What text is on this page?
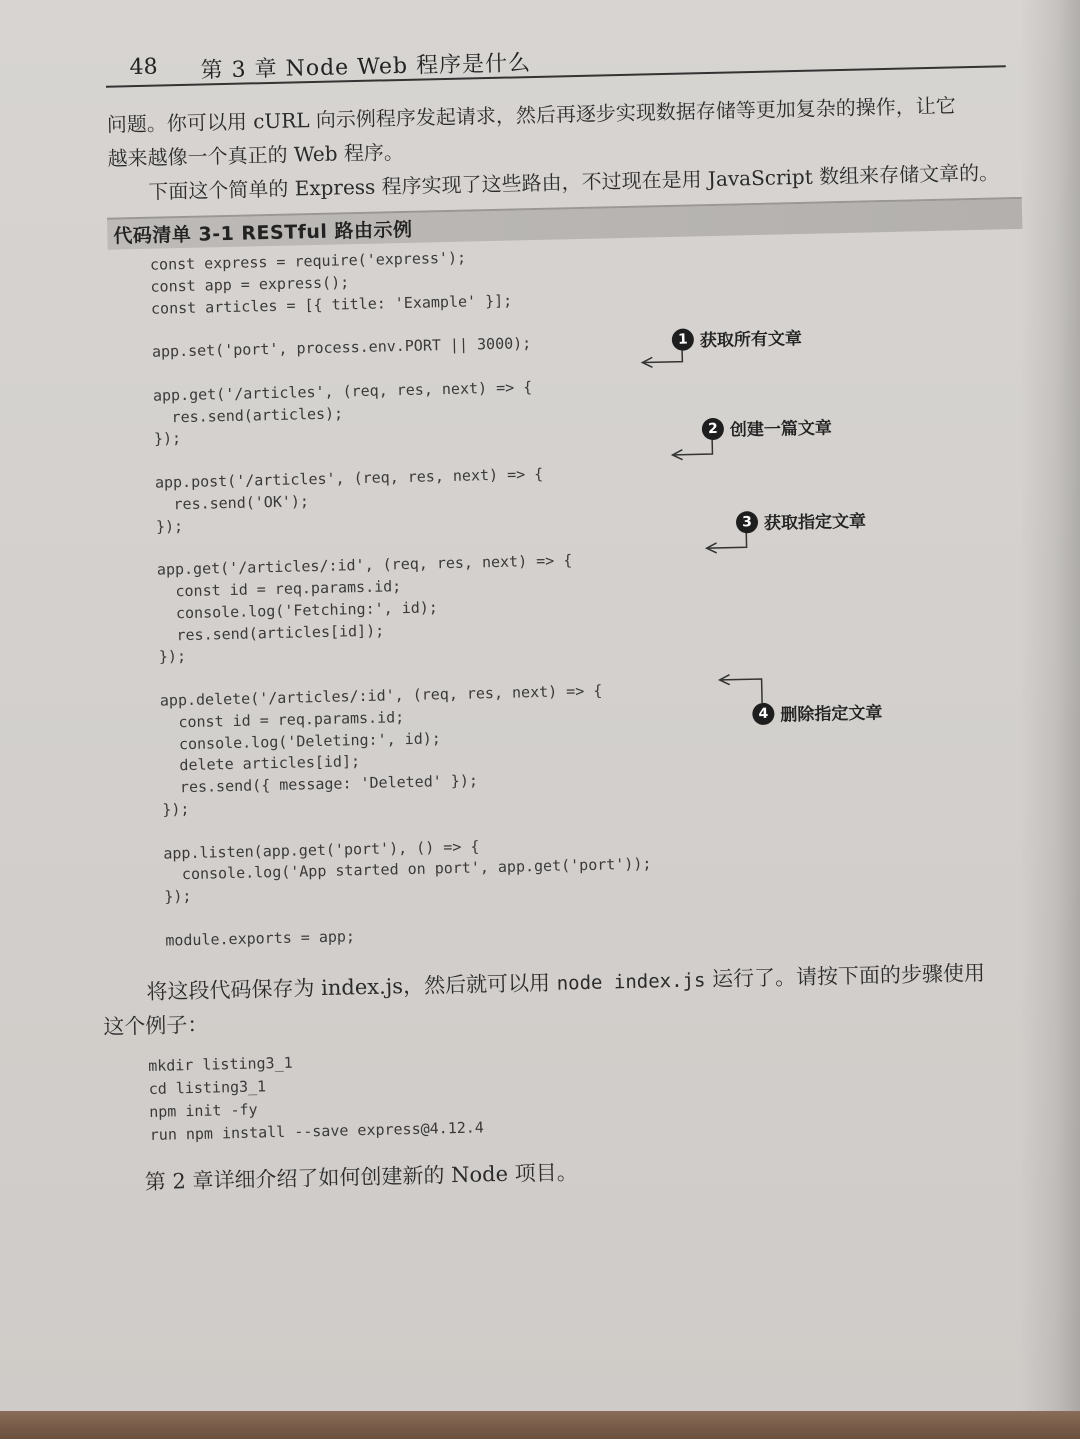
48 第 3 章 Node Web 程序是什么
问题。你可以用 cURL 向示例程序发起请求，然后再逐步实现数据存储等更加复杂的操作，让它
越来越像一个真正的 Web 程序。
下面这个简单的 Express 程序实现了这些路由，不过现在是用 JavaScript 数组来存储文章的。
代码清单 3-1 RESTful 路由示例
const express = require('express');
const app = express();
const articles = [{ title: 'Example' }];

app.set('port', process.env.PORT || 3000);

app.get('/articles', (req, res, next) => {
res.send(articles);
});

app.post('/articles', (req, res, next) => {
res.send('OK');
});

app.get('/articles/:id', (req, res, next) => {
const id = req.params.id;
console.log('Fetching:', id);
res.send(articles[id]);
});

app.delete('/articles/:id', (req, res, next) => {
const id = req.params.id;
console.log('Deleting:', id);
delete articles[id];
res.send({ message: 'Deleted' });
});

app.listen(app.get('port'), () => {
console.log('App started on port', app.get('port'));
});

module.exports = app;
1 获取所有文章
2 创建一篇文章
3 获取指定文章
4 删除指定文章
将这段代码保存为 index.js，然后就可以用 node index.js 运行了。请按下面的步骤使用
这个例子：
mkdir listing3_1
cd listing3_1
npm init -fy
run npm install --save express@4.12.4
第 2 章详细介绍了如何创建新的 Node 项目。
